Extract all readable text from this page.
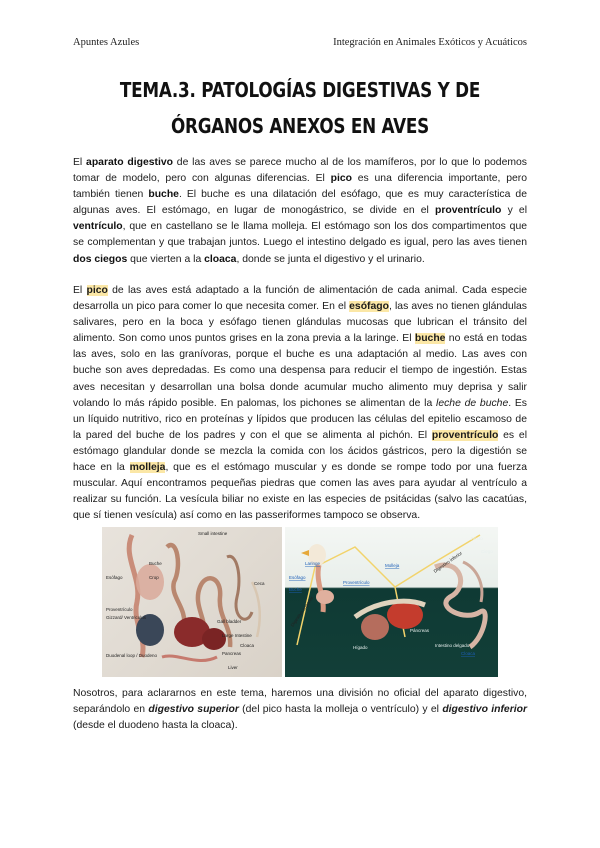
Apuntes Azules	Integración en Animales Exóticos y Acuáticos
TEMA.3. PATOLOGÍAS DIGESTIVAS Y DE ÓRGANOS ANEXOS EN AVES

El aparato digestivo de las aves se parece mucho al de los mamíferos, por lo que lo podemos tomar de modelo, pero con algunas diferencias. El pico es una diferencia importante, pero también tienen buche. El buche es una dilatación del esófago, que es muy característica de algunas aves. El estómago, en lugar de monogástrico, se divide en el proventrículo y el ventrículo, que en castellano se le llama molleja. El estómago son los dos compartimentos que se complementan y que trabajan juntos. Luego el intestino delgado es igual, pero las aves tienen dos ciegos que vierten a la cloaca, donde se junta el digestivo y el urinario.

El pico de las aves está adaptado a la función de alimentación de cada animal. Cada especie desarrolla un pico para comer lo que necesita comer. En el esófago, las aves no tienen glándulas salivares, pero en la boca y esófago tienen glándulas mucosas que lubrican el tránsito del alimento. Son como unos puntos grises en la zona previa a la laringe. El buche no está en todas las aves, solo en las granívoras, porque el buche es una adaptación al medio. Las aves con buche son aves depredadas. Es como una despensa para reducir el tiempo de ingestión. Estas aves necesitan y desarrollan una bolsa donde acumular mucho alimento muy deprisa y salir volando lo más rápido posible. En palomas, los pichones se alimentan de la leche de buche. Es un líquido nutritivo, rico en proteínas y lípidos que producen las células del epitelio escamoso de la pared del buche de los padres y con el que se alimenta al pichón. El proventrículo es el estómago glandular donde se mezcla la comida con los ácidos gástricos, pero la digestión se hace en la molleja, que es el estómago muscular y es donde se rompe todo por una fuerza muscular. Aquí encontramos pequeñas piedras que comen las aves para ayudar al ventrículo a realizar su función. La vesícula biliar no existe en las especies de psitácidas (salvo las cacatúas, que sí tienen vesícula) así como en las passeriformes tampoco se observa.

Small intestine
Buche
Esófago	Crop
Proventrículo
Gizzard/ Ventriculus
Ceca
Gall bladder
Large Intestine
Cloaca
Pancreas
Duodenal loop / Duodeno
Liver
Esófago
Laringe
Buche
Proventrículo
Molleja
Páncreas
Hígado	Intestino delgado
Ciego
Cloaca
Recto
Digestivo superior
Digestivo inferior

Nosotros, para aclararnos en este tema, haremos una división no oficial del aparato digestivo, separándolo en digestivo superior (del pico hasta la molleja o ventrículo) y el digestivo inferior (desde el duodeno hasta la cloaca).
